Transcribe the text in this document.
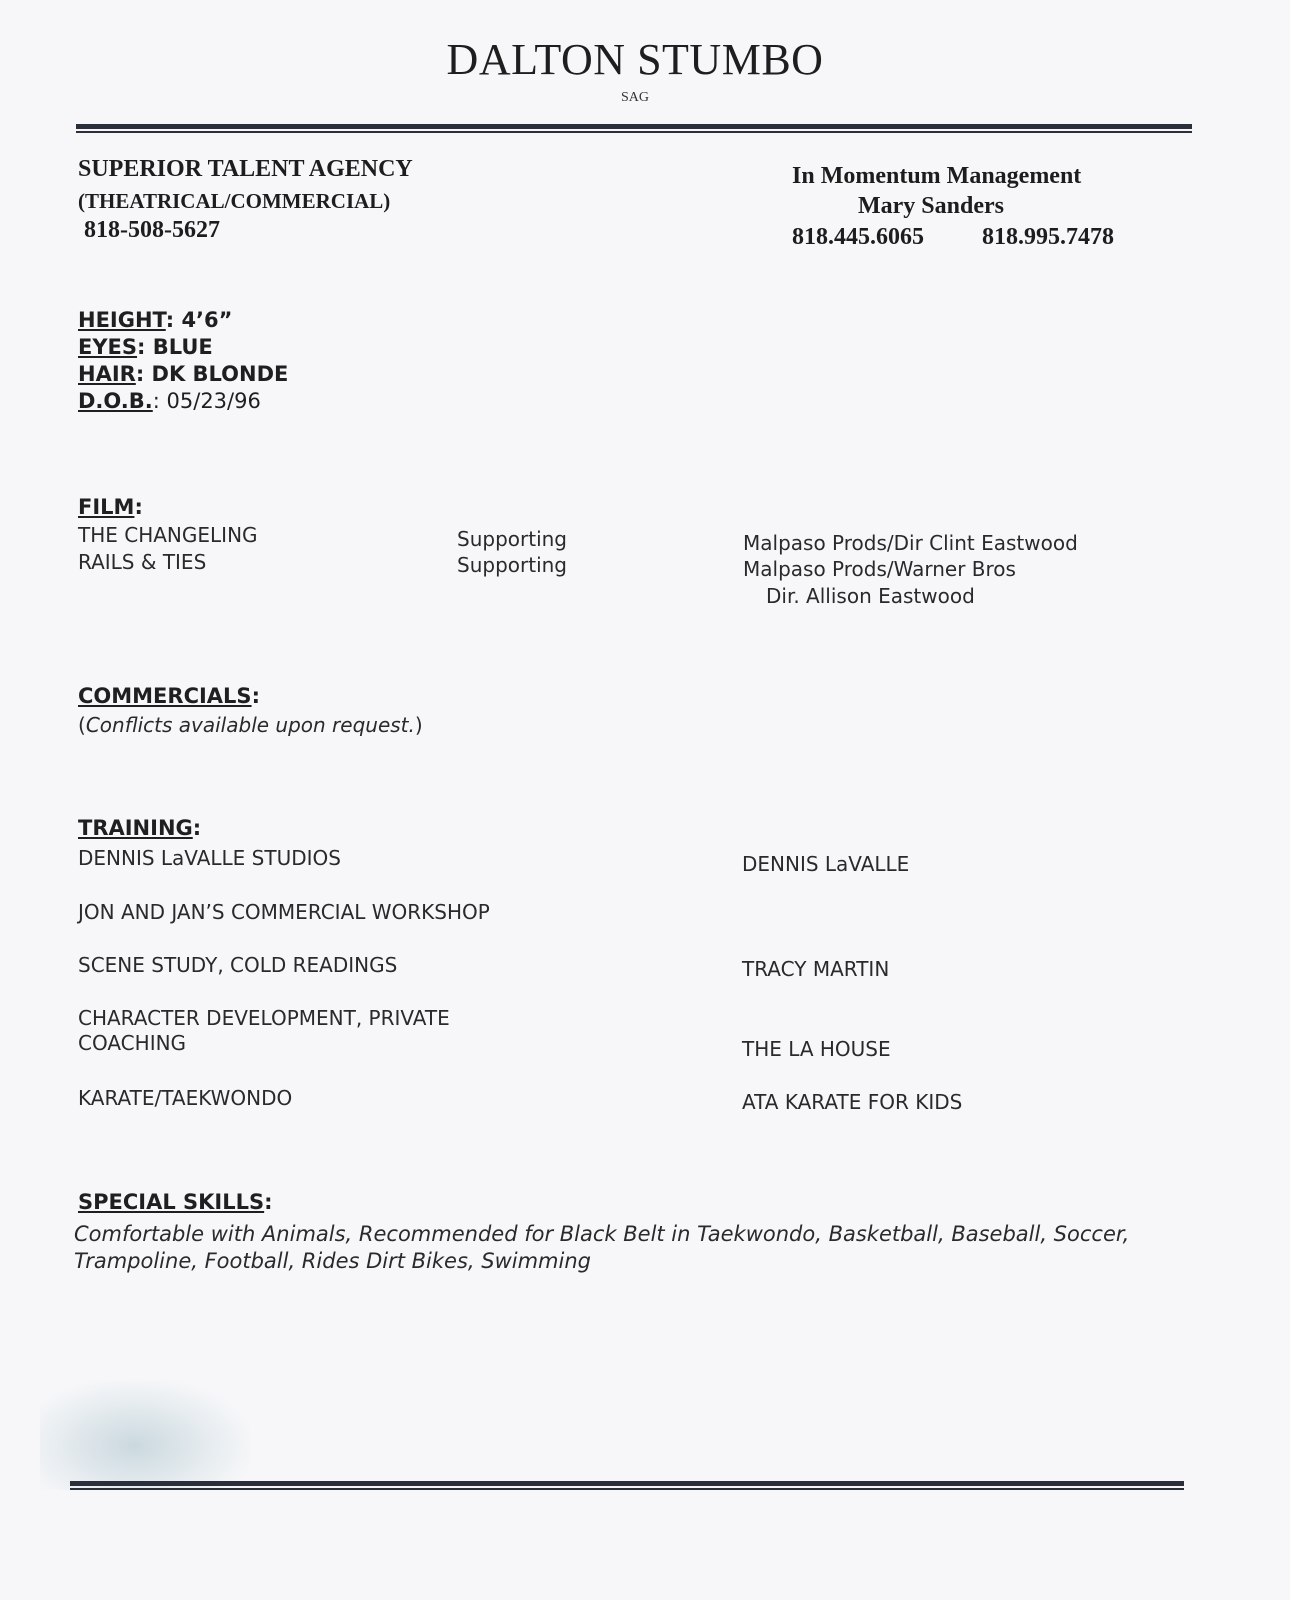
DALTON STUMBO
SAG
SUPERIOR TALENT AGENCY
(THEATRICAL/COMMERCIAL)
818-508-5627
In Momentum Management
Mary Sanders
818.445.6065 818.995.7478
HEIGHT: 4’6”
EYES: BLUE
HAIR: DK BLONDE
D.O.B.: 05/23/96
FILM:
THE CHANGELING	Supporting	Malpaso Prods/Dir Clint Eastwood
RAILS & TIES	Supporting	Malpaso Prods/Warner Bros
Dir. Allison Eastwood
COMMERCIALS:
(Conflicts available upon request.)
TRAINING:
DENNIS LaVALLE STUDIOS	DENNIS LaVALLE
JON AND JAN’S COMMERCIAL WORKSHOP
SCENE STUDY, COLD READINGS	TRACY MARTIN
CHARACTER DEVELOPMENT, PRIVATE
COACHING	THE LA HOUSE
KARATE/TAEKWONDO	ATA KARATE FOR KIDS
SPECIAL SKILLS:
Comfortable with Animals, Recommended for Black Belt in Taekwondo, Basketball, Baseball, Soccer, Trampoline, Football, Rides Dirt Bikes, Swimming
